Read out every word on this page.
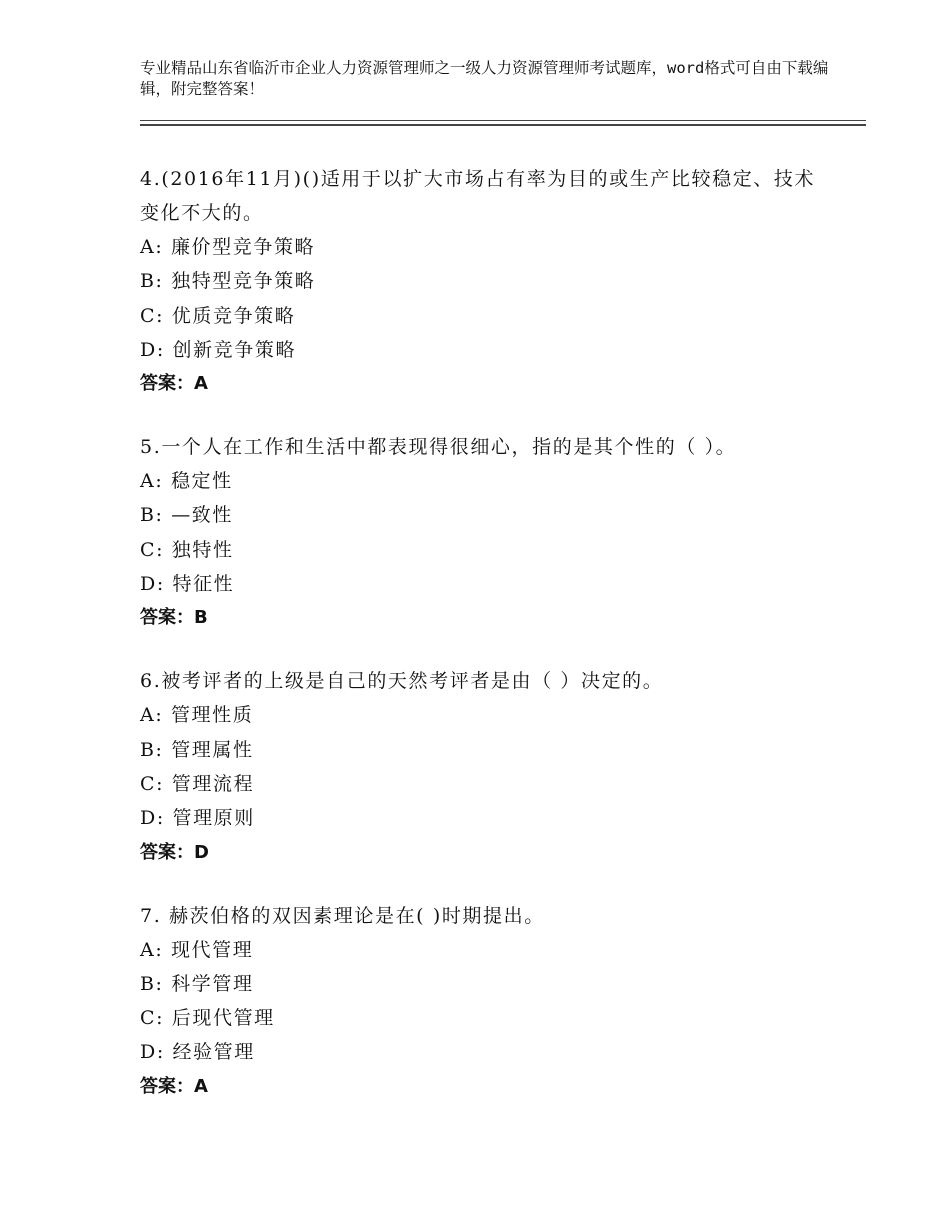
专业精品山东省临沂市企业人力资源管理师之一级人力资源管理师考试题库，word格式可自由下载编辑，附完整答案！
4.(2016年11月)()适用于以扩大市场占有率为目的或生产比较稳定、技术变化不大的。
A: 廉价型竞争策略
B: 独特型竞争策略
C: 优质竞争策略
D: 创新竞争策略
答案：A
5.一个人在工作和生活中都表现得很细心，指的是其个性的（ ）。
A: 稳定性
B: —致性
C: 独特性
D: 特征性
答案：B
6.被考评者的上级是自己的天然考评者是由（ ）决定的。
A: 管理性质
B: 管理属性
C: 管理流程
D: 管理原则
答案：D
7. 赫茨伯格的双因素理论是在( )时期提出。
A: 现代管理
B: 科学管理
C: 后现代管理
D: 经验管理
答案：A
